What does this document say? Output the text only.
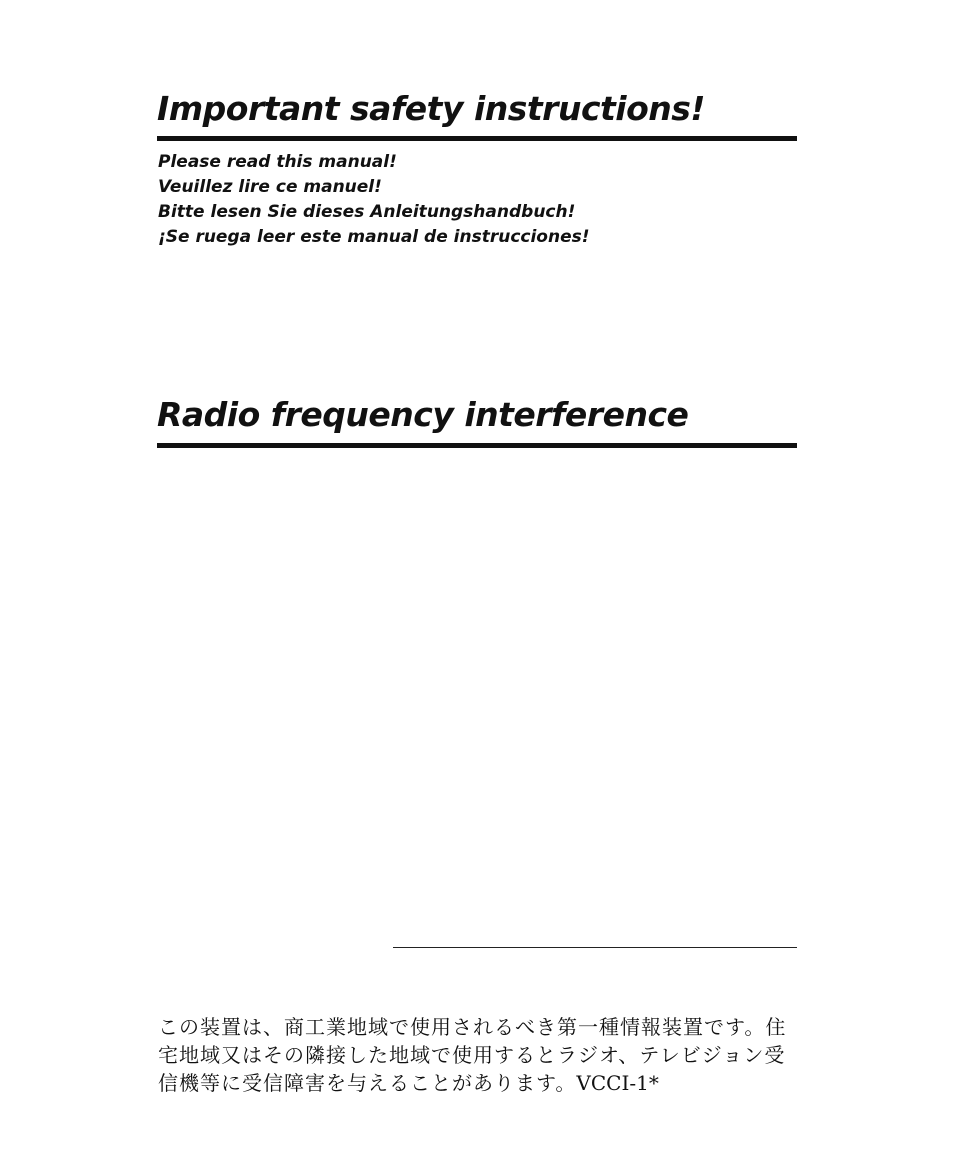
Important safety instructions!
Please read this manual!
Veuillez lire ce manuel!
Bitte lesen Sie dieses Anleitungshandbuch!
¡Se ruega leer este manual de instrucciones!
Radio frequency interference

この装置は、商工業地域で使用されるべき第一種情報装置です。住宅地域又はその隣接した地域で使用するとラジオ、テレビジョン受信機等に受信障害を与えることがあります。VCCI-1*
